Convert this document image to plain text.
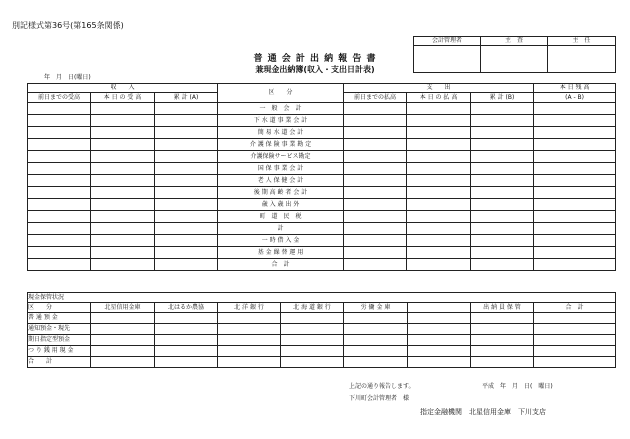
別記様式第36号(第165条関係)
会計管理者	主　査	主　任

普 通 会 計 出 納 報 告 書
兼現金出納簿(収入・支出日計表)
年　月　日(曜日)
収　　入			区　　分	支　　出			本 日 残 高
前日までの受高	本 日 の 受 高	累 計 (A)		前日までの払高	本 日 の 払 高	累 計 (B)	(A - B)
			一　般　会　計				
			下 水 道 事 業 会 計				
			簡 易 水 道 会 計				
			介 護 保 険 事 業 勘 定				
			介護保険サービス勘定				
			国 保 事 業 会 計				
			老 人 保 健 会 計				
			後 期 高 齢 者 会 計				
			歳 入 歳 出 外				
			町　道　民　税				
			計				
			一 時 借 入 金				
			基 金 繰 替 運 用				
			合　計				
現金保管状況								
区　　分	北星信用金庫	北はるか農協	北 洋 銀 行	北 海 道 銀 行	労 働 金 庫		出 納 員 保 管	合　計
普 通 預 金								
通知預金・現先								
期日指定型預金								
つ り 銭 用 現 金								
合　　計								
上記の通り報告します。	平成　年　月　日(　曜日)
下川町会計管理者　様
指定金融機関　北星信用金庫　下川支店
